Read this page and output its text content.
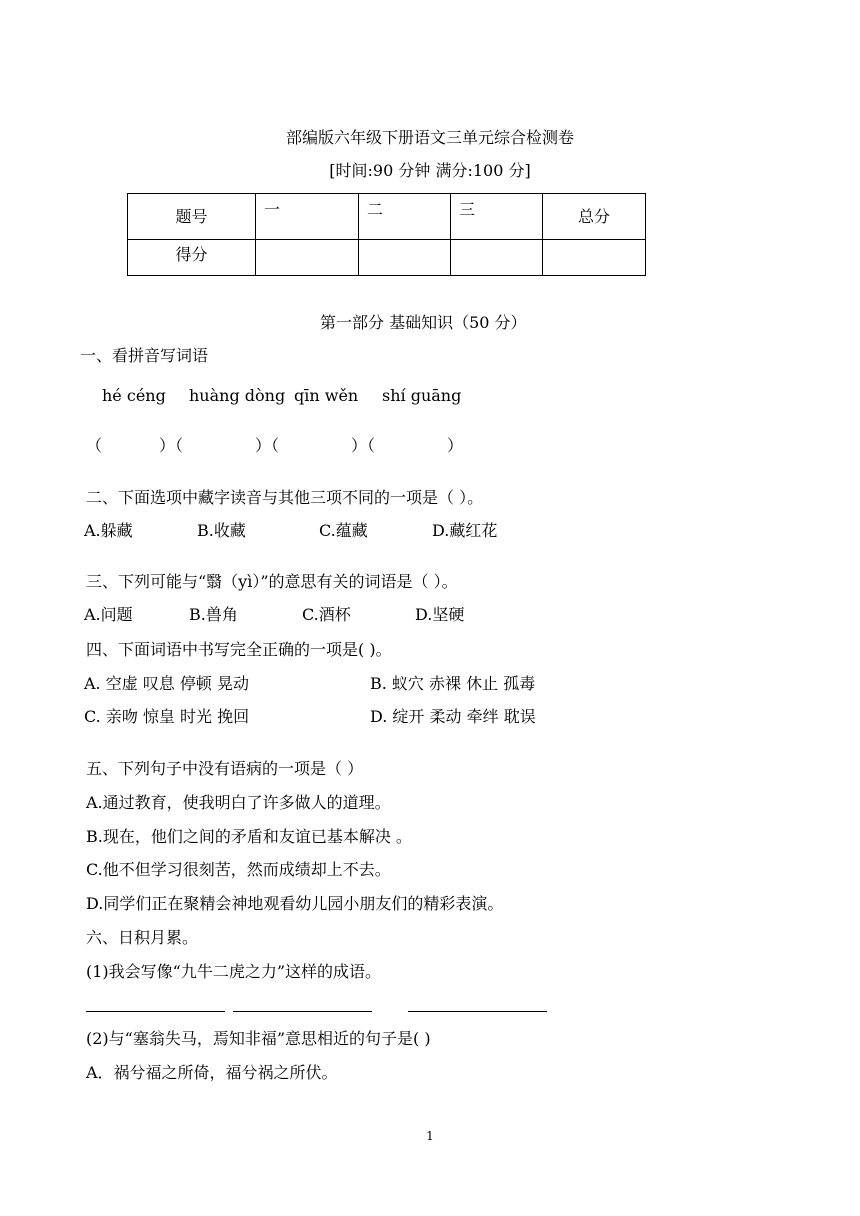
部编版六年级下册语文三单元综合检测卷
[时间:90 分钟 满分:100 分]
题号	一	二	三	总分

得分				

第一部分 基础知识（50 分）
一、看拼音写词语
hé céng huàng dòng qīn wěn shí guāng
（	）（	）（	）（	）
二、下面选项中藏字读音与其他三项不同的一项是（ ）。
A.躲藏	B.收藏	C.蕴藏	D.藏红花
三、下列可能与“翳（yì）”的意思有关的词语是（ ）。
A.问题	B.兽角	C.酒杯	D.坚硬
四、下面词语中书写完全正确的一项是( )。
A. 空虚 叹息 停顿 晃动	B. 蚁穴 赤裸 休止 孤毒
C. 亲吻 惊皇 时光 挽回	D. 绽开 柔动 牵绊 耽误
五、下列句子中没有语病的一项是（ ）
A.通过教育，使我明白了许多做人的道理。
B.现在，他们之间的矛盾和友谊已基本解决 。
C.他不但学习很刻苦，然而成绩却上不去。
D.同学们正在聚精会神地观看幼儿园小朋友们的精彩表演。
六、日积月累。
(1)我会写像“九牛二虎之力”这样的成语。
(2)与“塞翁失马，焉知非福”意思相近的句子是( )
A．祸兮福之所倚，福兮祸之所伏。
1
